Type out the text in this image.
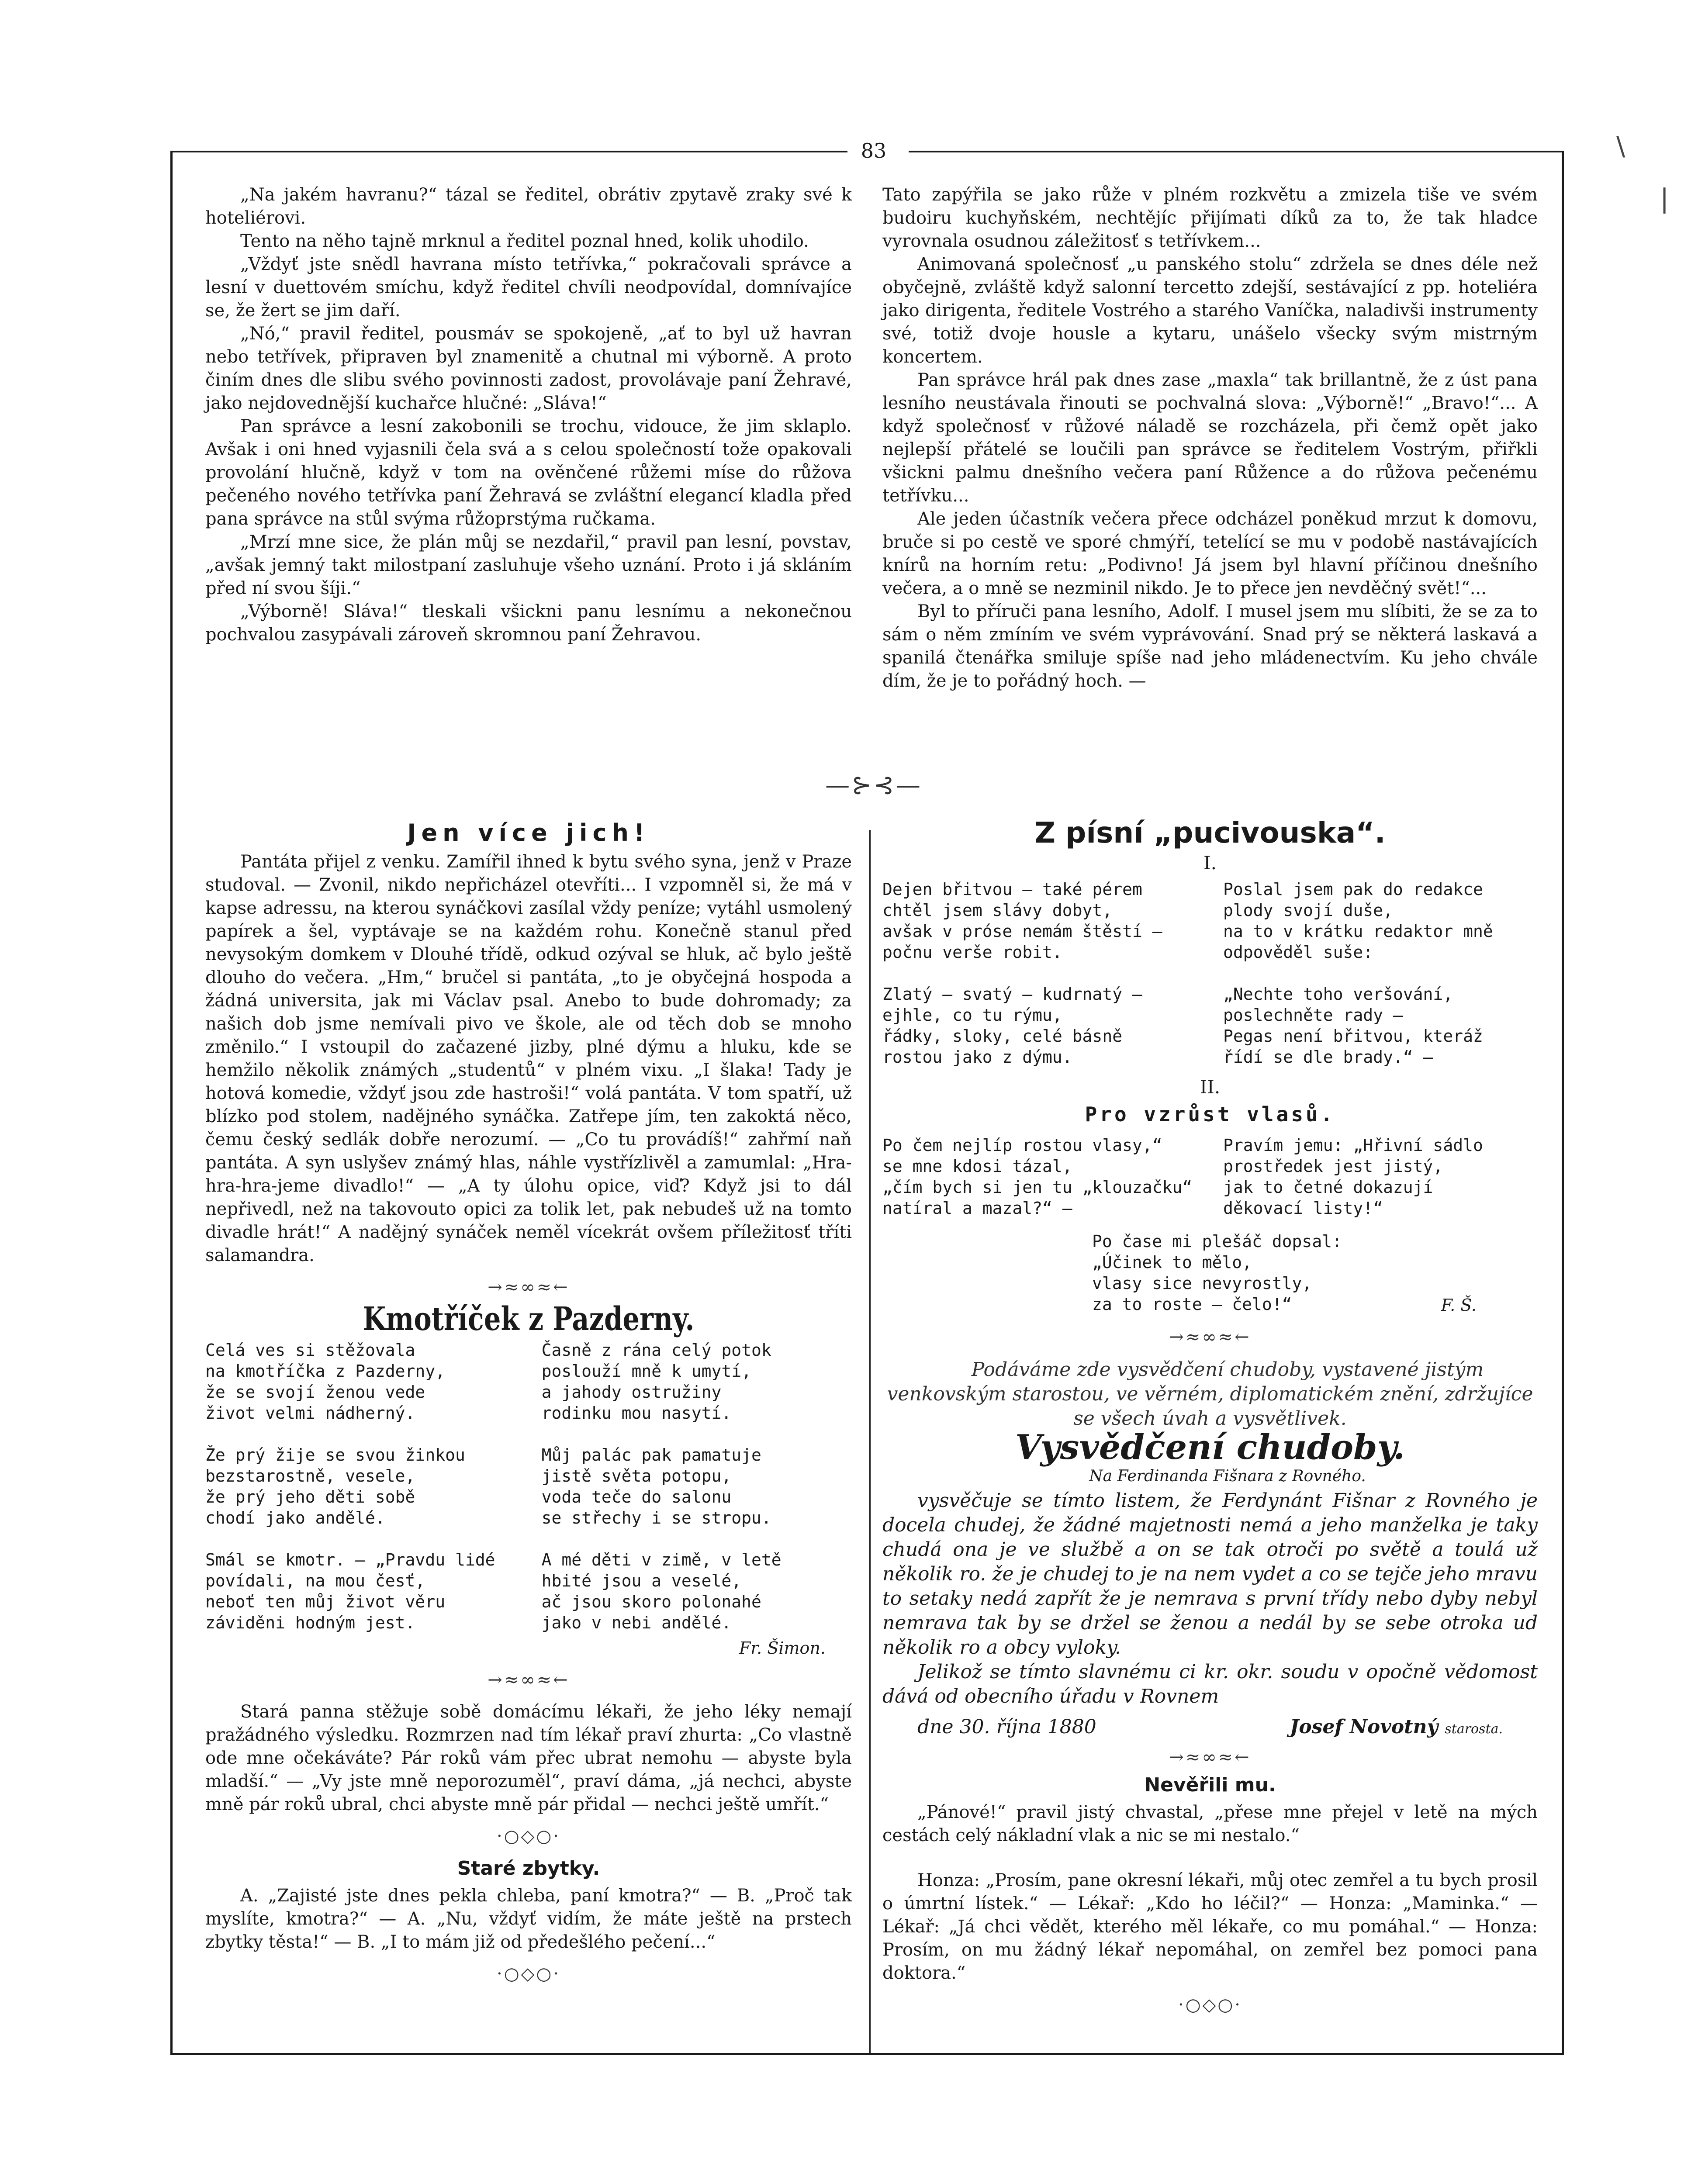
\
|
83

„Na jakém havranu?“ tázal se ředitel, obrátiv zpytavě zraky své k hoteliérovi.

Tento na něho tajně mrknul a ředitel poznal hned, kolik uhodilo.

„Vždyť jste snědl havrana místo tetřívka,“ pokračovali správce a lesní v duettovém smíchu, když ředitel chvíli neodpovídal, domnívajíce se, že žert se jim daří.

„Nó,“ pravil ředitel, pousmáv se spokojeně, „ať to byl už havran nebo tetřívek, připraven byl znamenitě a chutnal mi výborně. A proto činím dnes dle slibu svého povinnosti zadost, provolávaje paní Žehravé, jako nejdovednější kuchařce hlučné: „Sláva!“

Pan správce a lesní zakobonili se trochu, vidouce, že jim sklaplo. Avšak i oni hned vyjasnili čela svá a s celou společností tože opakovali provolání hlučně, když v tom na ověnčené růžemi míse do růžova pečeného nového tetřívka paní Žehravá se zvláštní elegancí kladla před pana správce na stůl svýma růžoprstýma ručkama.

„Mrzí mne sice, že plán můj se nezdařil,“ pravil pan lesní, povstav, „avšak jemný takt milostpaní zasluhuje všeho uznání. Proto i já skláním před ní svou šíji.“

„Výborně! Sláva!“ tleskali všickni panu lesnímu a nekonečnou pochvalou zasypávali zároveň skromnou paní Žehravou.

Tato zapýřila se jako růže v plném rozkvětu a zmizela tiše ve svém budoiru kuchyňském, nechtějíc přijímati díků za to, že tak hladce vyrovnala osudnou záležitosť s tetřívkem...

Animovaná společnosť „u panského stolu“ zdržela se dnes déle než obyčejně, zvláště když salonní tercetto zdejší, sestávající z pp. hoteliéra jako dirigenta, ředitele Vostrého a starého Vaníčka, naladivši instrumenty své, totiž dvoje housle a kytaru, unášelo všecky svým mistrným koncertem.

Pan správce hrál pak dnes zase „maxla“ tak brillantně, že z úst pana lesního neustávala řinouti se pochvalná slova: „Výborně!“ „Bravo!“... A když společnosť v růžové náladě se rozcházela, při čemž opět jako nejlepší přátelé se loučili pan správce se ředitelem Vostrým, přiřkli všickni palmu dnešního večera paní Růžence a do růžova pečenému tetřívku...

Ale jeden účastník večera přece odcházel poněkud mrzut k domovu, bruče si po cestě ve sporé chmýří, tetelící se mu v podobě nastávajících knírů na horním retu: „Podivno! Já jsem byl hlavní příčinou dnešního večera, a o mně se nezminil nikdo. Je to přece jen nevděčný svět!“...

Byl to příruči pana lesního, Adolf. I musel jsem mu slíbiti, že se za to sám o něm zmíním ve svém vyprávování. Snad prý se některá laskavá a spanilá čtenářka smiluje spíše nad jeho mládenectvím. Ku jeho chvále dím, že je to pořádný hoch. —

—⊱⊰—
Jen více jich!

Pantáta přijel z venku. Zamířil ihned k bytu svého syna, jenž v Praze studoval. — Zvonil, nikdo nepřicházel otevříti... I vzpomněl si, že má v kapse adressu, na kterou synáčkovi zasílal vždy peníze; vytáhl usmolený papírek a šel, vyptávaje se na každém rohu. Konečně stanul před nevysokým domkem v Dlouhé třídě, odkud ozýval se hluk, ač bylo ještě dlouho do večera. „Hm,“ bručel si pantáta, „to je obyčejná hospoda a žádná universita, jak mi Václav psal. Anebo to bude dohromady; za našich dob jsme nemívali pivo ve škole, ale od těch dob se mnoho změnilo.“ I vstoupil do začazené jizby, plné dýmu a hluku, kde se hemžilo několik známých „studentů“ v plném vixu. „I šlaka! Tady je hotová komedie, vždyť jsou zde hastroši!“ volá pantáta. V tom spatří, už blízko pod stolem, nadějného synáčka. Zatřepe jím, ten zakoktá něco, čemu český sedlák dobře nerozumí. — „Co tu provádíš!“ zahřmí naň pantáta. A syn uslyšev známý hlas, náhle vystřízlivěl a zamumlal: „Hra-hra-hra-jeme divadlo!“ — „A ty úlohu opice, viď? Když jsi to dál nepřivedl, než na takovouto opici za tolik let, pak nebudeš už na tomto divadle hrát!“ A nadějný synáček neměl vícekrát ovšem příležitosť tříti salamandra.

→≈∞≈←
Kmotříček z Pazderny.
Celá ves si stěžovala
na kmotříčka z Pazderny,
že se svojí ženou vede
život velmi nádherný.
Že prý žije se svou žinkou
bezstarostně, vesele,
že prý jeho děti sobě
chodí jako andělé.
Smál se kmotr. — „Pravdu lidé
povídali, na mou česť,
neboť ten můj život věru
záviděni hodným jest.
Časně z rána celý potok
poslouží mně k umytí,
a jahody ostružiny
rodinku mou nasytí.
Můj palác pak pamatuje
jistě světa potopu,
voda teče do salonu
se střechy i se stropu.
A mé děti v zimě, v letě
hbité jsou a veselé,
ač jsou skoro polonahé
jako v nebi andělé.
Fr. Šimon.
→≈∞≈←

Stará panna stěžuje sobě domácímu lékaři, že jeho léky nemají pražádného výsledku. Rozmrzen nad tím lékař praví zhurta: „Co vlastně ode mne očekáváte? Pár roků vám přec ubrat nemohu — abyste byla mladší.“ — „Vy jste mně neporozuměl“, praví dáma, „já nechci, abyste mně pár roků ubral, chci abyste mně pár přidal — nechci ještě umřít.“

·○◇○·
Staré zbytky.

A. „Zajisté jste dnes pekla chleba, paní kmotra?“ — B. „Proč tak myslíte, kmotra?“ — A. „Nu, vždyť vidím, že máte ještě na prstech zbytky těsta!“ — B. „I to mám již od předešlého pečení...“

·○◇○·
Z písní „pucivouska“.
I.
Dejen břitvou — také pérem
chtěl jsem slávy dobyt,
avšak v próse nemám štěstí —
počnu verše robit.
Zlatý — svatý — kudrnatý —
ejhle, co tu rýmu,
řádky, sloky, celé básně
rostou jako z dýmu.
Poslal jsem pak do redakce
plody svojí duše,
na to v krátku redaktor mně
odpověděl suše:
„Nechte toho veršování,
poslechněte rady —
Pegas není břitvou, kteráž
řídí se dle brady.“ —
II.
Pro vzrůst vlasů.
Po čem nejlíp rostou vlasy,“
se mne kdosi tázal,
„čím bych si jen tu „klouzačku“
natíral a mazal?“ —
Pravím jemu: „Hřivní sádlo
prostředek jest jistý,
jak to četné dokazují
děkovací listy!“
Po čase mi plešáč dopsal:
„Účinek to mělo,
vlasy sice nevyrostly,
za to roste — čelo!“	F. Š.
→≈∞≈←

Podáváme zde vysvědčení chudoby, vystavené jistým venkovským starostou, ve věrném, diplomatickém znění, zdržujíce se všech úvah a vysvětlivek.

Vysvědčení chudoby.

Na Ferdinanda Fišnara z Rovného.

vysvěčuje se tímto listem, že Ferdynánt Fišnar z Rovného je docela chudej, že žádné majetnosti nemá a jeho manželka je taky chudá ona je ve službě a on se tak otroči po světě a toulá už několik ro. že je chudej to je na nem vydet a co se tejče jeho mravu to setaky nedá zapřít že je nemrava s první třídy nebo dyby nebyl nemrava tak by se držel se ženou a nedál by se sebe otroka ud několik ro a obcy vyloky.

Jelikož se tímto slavnému ci kr. okr. soudu v opočně vědomost dává od obecního úřadu v Rovnem

dne 30. října 1880	Josef Novotný starosta.
→≈∞≈←
Nevěřili mu.

„Pánové!“ pravil jistý chvastal, „přese mne přejel v letě na mých cestách celý nákladní vlak a nic se mi nestalo.“

Honza: „Prosím, pane okresní lékaři, můj otec zemřel a tu bych prosil o úmrtní lístek.“ — Lékař: „Kdo ho léčil?“ — Honza: „Maminka.“ — Lékař: „Já chci vědět, kterého měl lékaře, co mu pomáhal.“ — Honza: Prosím, on mu žádný lékař nepomáhal, on zemřel bez pomoci pana doktora.“

·○◇○·
